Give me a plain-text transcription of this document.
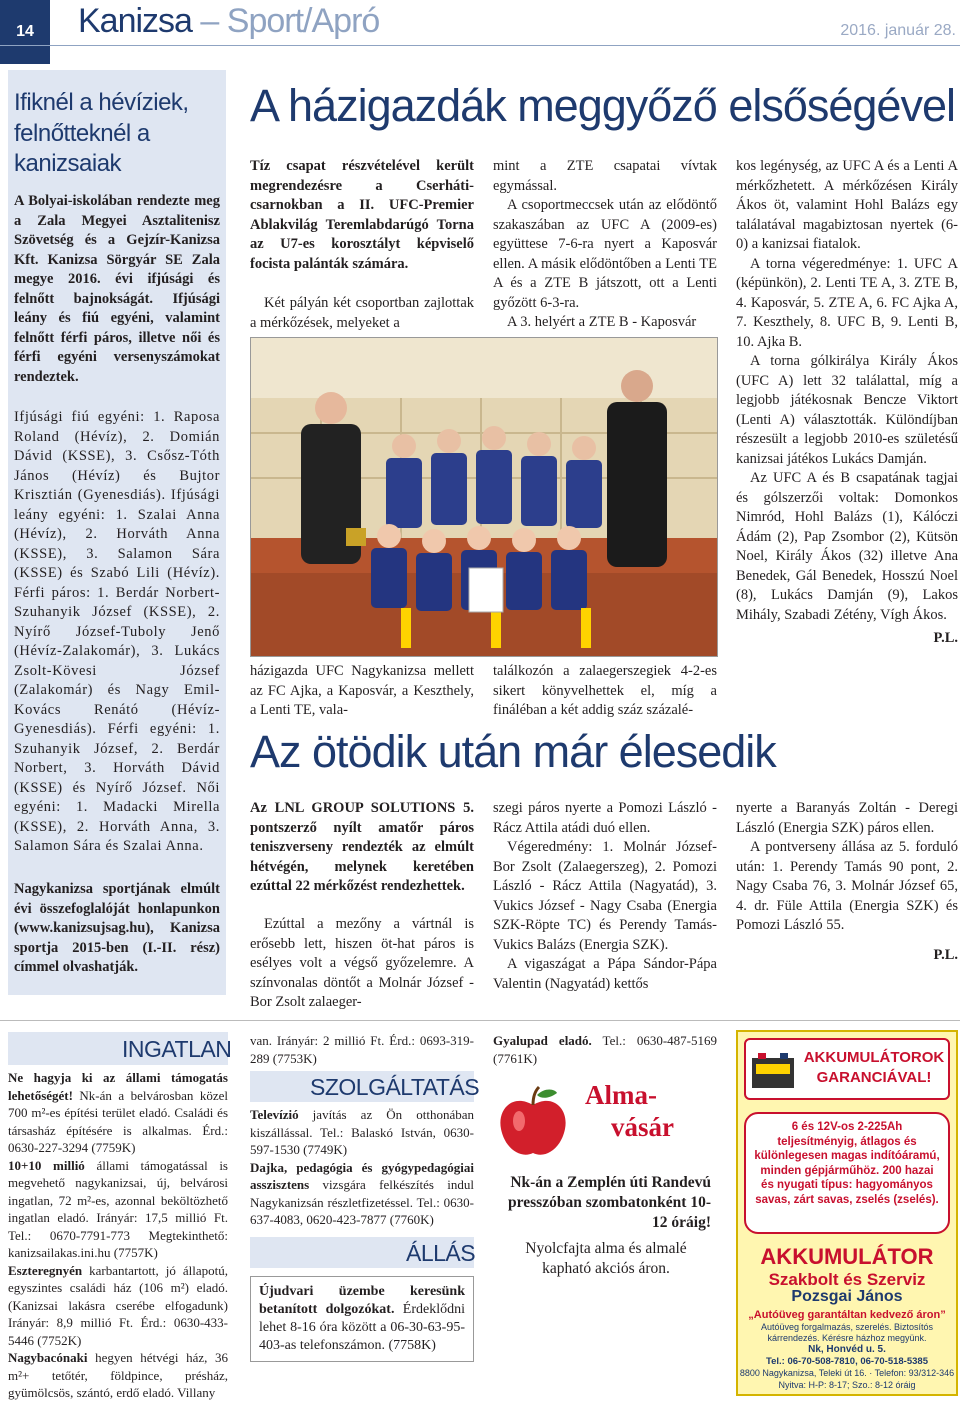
14	Kanizsa – Sport/Apró	2016. január 28.
Ifiknél a hévíziek, felnőtteknél a kanizsaiak
A Bolyai-iskolában rendezte meg a Zala Megyei Asztalitenisz Szövetség és a Gejzír-Kanizsa Kft. Kanizsa Sörgyár SE Zala megye 2016. évi ifjúsági és felnőtt bajnokságát. Ifjúsági leány és fiú egyéni, valamint felnőtt férfi páros, illetve női és férfi egyéni versenyszámokat rendeztek.
Ifjúsági fiú egyéni: 1. Raposa Roland (Hévíz), 2. Domián Dávid (KSSE), 3. Csősz-Tóth János (Hévíz) és Bujtor Krisztián (Gyenesdiás). Ifjúsági leány egyéni: 1. Szalai Anna (Hévíz), 2. Horváth Anna (KSSE), 3. Salamon Sára (KSSE) és Szabó Lili (Hévíz). Férfi páros: 1. Berdár Norbert-Szuhanyik József (KSSE), 2. Nyírő József-Tuboly Jenő (Hévíz-Zalakomár), 3. Lukács Zsolt-Kövesi József (Zalakomár) és Nagy Emil-Kovács Renátó (Hévíz-Gyenesdiás). Férfi egyéni: 1. Szuhanyik József, 2. Berdár Norbert, 3. Horváth Dávid (KSSE) és Nyírő József. Női egyéni: 1. Madacki Mirella (KSSE), 2. Horváth Anna, 3. Salamon Sára és Szalai Anna.
Nagykanizsa sportjának elmúlt évi összefoglalóját honlapunkon (www.kanizsujsag.hu), Kanizsa sportja 2015-ben (I.-II. rész) címmel olvashatják.
A házigazdák meggyőző elsőségével
Tíz csapat részvételével került megrendezésre a Cserháti-csarnokban a II. UFC-Premier Ablakvilág Teremlabdarúgó Torna az U7-es korosztályt képviselő focista palánták számára.
Két pályán két csoportban zajlottak a mérkőzések, melyeket a
mint a ZTE csapatai vívtak egymással.
A csoportmeccsek után az elődöntő szakaszában az UFC A (2009-es) együttese 7-6-ra nyert a Kaposvár ellen. A másik elődöntőben a Lenti TE A és a ZTE B játszott, ott a Lenti győzött 6-3-ra.
A 3. helyért a ZTE B - Kaposvár
házigazda UFC Nagykanizsa mellett az FC Ajka, a Kaposvár, a Keszthely, a Lenti TE, vala-
találkozón a zalaegerszegiek 4-2-es sikert könyvelhettek el, míg a fináléban a két addig száz százalé-
kos legénység, az UFC A és a Lenti A mérkőzhetett. A mérkőzésen Király Ákos öt, valamint Hohl Balázs egy találatával magabiztosan nyertek (6-0) a kanizsai fiatalok.
A torna végeredménye: 1. UFC A (képünkön), 2. Lenti TE A, 3. ZTE B, 4. Kaposvár, 5. ZTE A, 6. FC Ajka A, 7. Keszthely, 8. UFC B, 9. Lenti B, 10. Ajka B.
A torna gólkirálya Király Ákos (UFC A) lett 32 találattal, míg a legjobb játékosnak Bencze Viktort (Lenti A) választották. Különdíjban részesült a legjobb 2010-es születésű kanizsai játékos Lukács Damján.
Az UFC A és B csapatának tagjai és gólszerzői voltak: Domonkos Nimród, Hohl Balázs (1), Kálóczi Ádám (2), Pap Zsombor (2), Kütsön Noel, Király Ákos (32) illetve Ana Benedek, Gál Benedek, Hosszú Noel (8), Lukács Damján (9), Lakos Mihály, Szabadi Zétény, Vígh Ákos.
P.L.
Az ötödik után már élesedik
Az LNL GROUP SOLUTIONS 5. pontszerző nyílt amatőr páros teniszverseny rendezték az elmúlt hétvégén, melynek keretében ezúttal 22 mérkőzést rendezhettek.
Ezúttal a mezőny a vártnál is erősebb lett, hiszen öt-hat páros is esélyes volt a végső győzelemre. A színvonalas döntőt a Molnár József - Bor Zsolt zalaeger-
szegi páros nyerte a Pomozi László - Rácz Attila atádi duó ellen.
Végeredmény: 1. Molnár József-Bor Zsolt (Zalaegerszeg), 2. Pomozi László - Rácz Attila (Nagyatád), 3. Vukics József - Nagy Csaba (Energia SZK-Röpte TC) és Perendy Tamás-Vukics Balázs (Energia SZK).
A vigaszágat a Pápa Sándor-Pápa Valentin (Nagyatád) kettős
nyerte a Baranyás Zoltán - Deregi László (Energia SZK) páros ellen.
A pontverseny állása az 5. forduló után: 1. Perendy Tamás 90 pont, 2. Nagy Csaba 76, 3. Molnár József 65, 4. dr. Füle Attila (Energia SZK) és Pomozi László 55.
P.L.
INGATLAN
Ne hagyja ki az állami támogatás lehetőségét! Nk-án a belvárosban közel 700 m²-es építési terület eladó. Családi és társasház építésére is alkalmas. Érd.: 0630-227-3294 (7759K)
10+10 millió állami támogatással is megvehető nagykanizsai, új, belvárosi ingatlan, 72 m²-es, azonnal beköltözhető ingatlan eladó. Irányár: 17,5 millió Ft. Tel.: 0670-7791-773 Megtekinthető: kanizsailakas.ini.hu (7757K)
Eszteregnyén karbantartott, jó állapotú, egyszintes családi ház (106 m²) eladó. (Kanizsai lakásra cserébe elfogadunk) Irányár: 8,9 millió Ft. Érd.: 0630-433-5446 (7752K)
Nagybacónaki hegyen hétvégi ház, 36 m²+ tetőtér, földpince, présház, gyümölcsös, szántó, erdő eladó. Villany
van. Irányár: 2 millió Ft. Érd.: 0693-319-289 (7753K)
SZOLGÁLTATÁS
Televízió javítás az Ön otthonában kiszállással. Tel.: Balaskó István, 0630-597-1530 (7749K)
Dajka, pedagógia és gyógypedagógiai asszisztens vizsgára felkészítés indul Nagykanizsán részletfizetéssel. Tel.: 0630-637-4083, 0620-423-7877 (7760K)
ÁLLÁS
Újudvari üzembe keresünk betanított dolgozókat. Érdeklődni lehet 8-16 óra között a 06-30-63-95-403-as telefonszámon. (7758K)
Gyalupad eladó. Tel.: 0630-487-5169 (7761K)
Alma-
vásár
Nk-án a Zemplén úti Randevú presszóban szombatonként 10-12 óráig!
Nyolcfajta alma és almalé kapható akciós áron.
AKKUMULÁTOROK GARANCIÁVAL!
6 és 12V-os 2-225Ah teljesítményig, átlagos és különlegesen magas indítóáramú, minden gépjárműhöz. 200 hazai és nyugati típus: hagyományos savas, zárt savas, zselés (zselés).
AKKUMULÁTOR
Szakbolt és Szerviz
Pozsgai János
„Autóüveg garantáltan kedvező áron”
Autóüveg forgalmazás, szerelés. Biztosítós kárrendezés. Kérésre házhoz megyünk.
Nk, Honvéd u. 5.
Tel.: 06-70-508-7810, 06-70-518-5385
8800 Nagykanizsa, Teleki út 16. · Telefon: 93/312-346
Nyitva: H-P: 8-17; Szo.: 8-12 óráig
